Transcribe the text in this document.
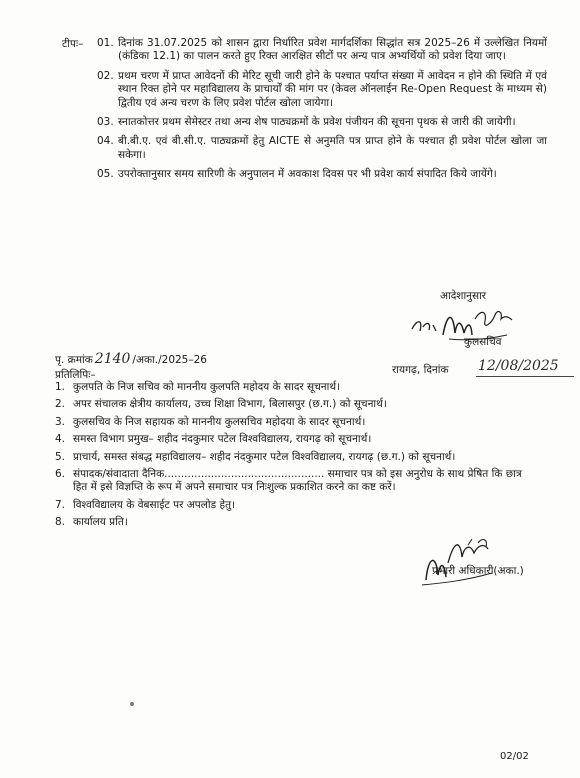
टीपः– 01. दिनांक 31.07.2025 को शासन द्वारा निर्धारित प्रवेश मार्गदर्शिका सिद्धांत सत्र 2025–26 में उल्लेखित नियमों (कंडिका 12.1) का पालन करते हुए रिक्त आरक्षित सीटों पर अन्य पात्र अभ्यर्थियों को प्रवेश दिया जाए।
02. प्रथम चरण में प्राप्त आवेदनों की मेरिट सूची जारी होने के पश्चात पर्याप्त संख्या में आवेदन न होने की स्थिति में एवं स्थान रिक्त होने पर महाविद्यालय के प्राचार्यों की मांग पर (केवल ऑनलाईन Re-Open Request के माध्यम से) द्वितीय एवं अन्य चरण के लिए प्रवेश पोर्टल खोला जायेगा।
03. स्नातकोत्तर प्रथम सेमेस्टर तथा अन्य शेष पाठ्यक्रमों के प्रवेश पंजीयन की सूचना पृथक से जारी की जायेगी।
04. बी.बी.ए. एवं बी.सी.ए. पाठ्यक्रमों हेतु AICTE से अनुमति पत्र प्राप्त होने के पश्चात ही प्रवेश पोर्टल खोला जा सकेगा।
05. उपरोक्तानुसार समय सारिणी के अनुपालन में अवकाश दिवस पर भी प्रवेश कार्य संपादित किये जायेंगे।
आदेशानुसार
कुलसचिव
पृ. क्रमांक 2140 /अका./2025–26
रायगढ़, दिनांक 12/08/2025
प्रतिलिपिः–
1. कुलपति के निज सचिव को माननीय कुलपति महोदय के सादर सूचनार्थ।
2. अपर संचालक क्षेत्रीय कार्यालय, उच्च शिक्षा विभाग, बिलासपुर (छ.ग.) को सूचनार्थ।
3. कुलसचिव के निज सहायक को माननीय कुलसचिव महोदया के सादर सूचनार्थ।
4. समस्त विभाग प्रमुख– शहीद नंदकुमार पटेल विश्वविद्यालय, रायगढ़ को सूचनार्थ।
5. प्राचार्य, समस्त संबद्ध महाविद्यालय– शहीद नंदकुमार पटेल विश्वविद्यालय, रायगढ़ (छ.ग.) को सूचनार्थ।
6. संपादक/संवादाता दैनिक................................................ समाचार पत्र को इस अनुरोध के साथ प्रेषित कि छात्र हित में इसे विज्ञप्ति के रूप में अपने समाचार पत्र निःशुल्क प्रकाशित करने का कष्ट करें।
7. विश्वविद्यालय के वेबसाईट पर अपलोड हेतु।
8. कार्यालय प्रति।
प्रभारी अधिकारी(अका.)
02/02
